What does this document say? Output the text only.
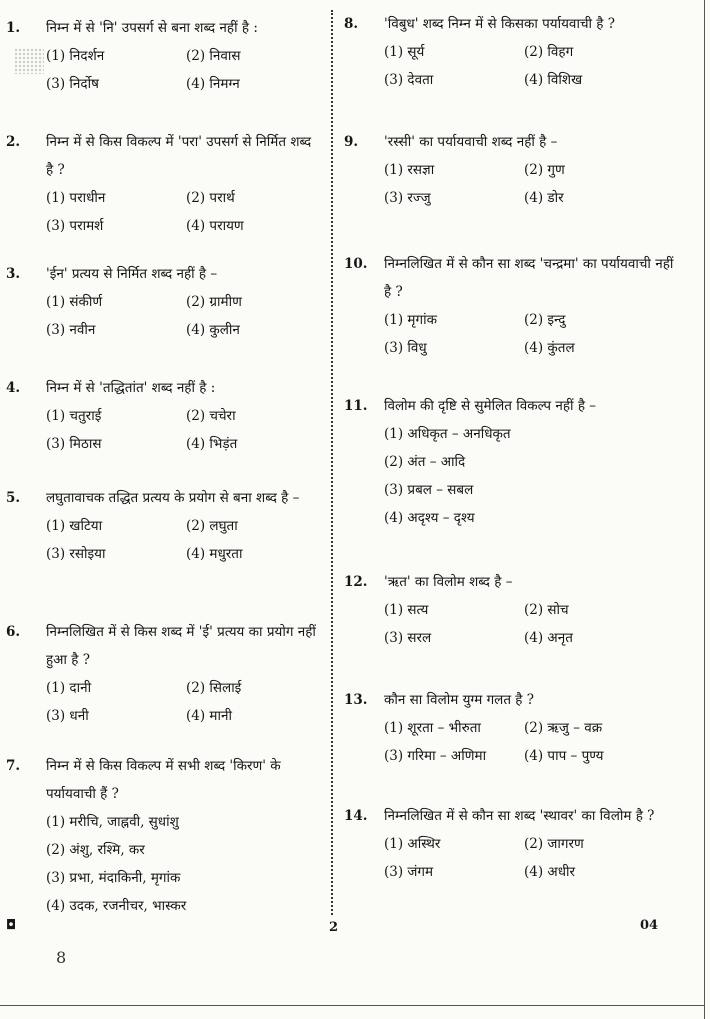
1. निम्न में से 'नि' उपसर्ग से बना शब्द नहीं है :
(1) निदर्शन	(2) निवास
(3) निर्दोष	(4) निमग्न
2. निम्न में से किस विकल्प में 'परा' उपसर्ग से निर्मित शब्द है ?
(1) पराधीन	(2) परार्थ
(3) परामर्श	(4) परायण
3. 'ईन' प्रत्यय से निर्मित शब्द नहीं है –
(1) संकीर्ण	(2) ग्रामीण
(3) नवीन	(4) कुलीन
4. निम्न में से 'तद्धितांत' शब्द नहीं है :
(1) चतुराई	(2) चचेरा
(3) मिठास	(4) भिड़ंत
5. लघुतावाचक तद्धित प्रत्यय के प्रयोग से बना शब्द है –
(1) खटिया	(2) लघुता
(3) रसोइया	(4) मधुरता
6. निम्नलिखित में से किस शब्द में 'ई' प्रत्यय का प्रयोग नहीं हुआ है ?
(1) दानी	(2) सिलाई
(3) धनी	(4) मानी
7. निम्न में से किस विकल्प में सभी शब्द 'किरण' के पर्यायवाची हैं ?
(1) मरीचि, जाह्नवी, सुधांशु
(2) अंशु, रश्मि, कर
(3) प्रभा, मंदाकिनी, मृगांक
(4) उदक, रजनीचर, भास्कर
8. 'विबुध' शब्द निम्न में से किसका पर्यायवाची है ?
(1) सूर्य	(2) विहग
(3) देवता	(4) विशिख
9. 'रस्सी' का पर्यायवाची शब्द नहीं है –
(1) रसज्ञा	(2) गुण
(3) रज्जु	(4) डोर
10. निम्नलिखित में से कौन सा शब्द 'चन्द्रमा' का पर्यायवाची नहीं है ?
(1) मृगांक	(2) इन्दु
(3) विधु	(4) कुंतल
11. विलोम की दृष्टि से सुमेलित विकल्प नहीं है –
(1) अधिकृत – अनधिकृत
(2) अंत – आदि
(3) प्रबल – सबल
(4) अदृश्य – दृश्य
12. 'ऋत' का विलोम शब्द है –
(1) सत्य	(2) सोच
(3) सरल	(4) अनृत
13. कौन सा विलोम युग्म गलत है ?
(1) शूरता – भीरुता	(2) ऋजु – वक्र
(3) गरिमा – अणिमा	(4) पाप – पुण्य
14. निम्नलिखित में से कौन सा शब्द 'स्थावर' का विलोम है ?
(1) अस्थिर	(2) जागरण
(3) जंगम	(4) अधीर
◘	2	04
8
